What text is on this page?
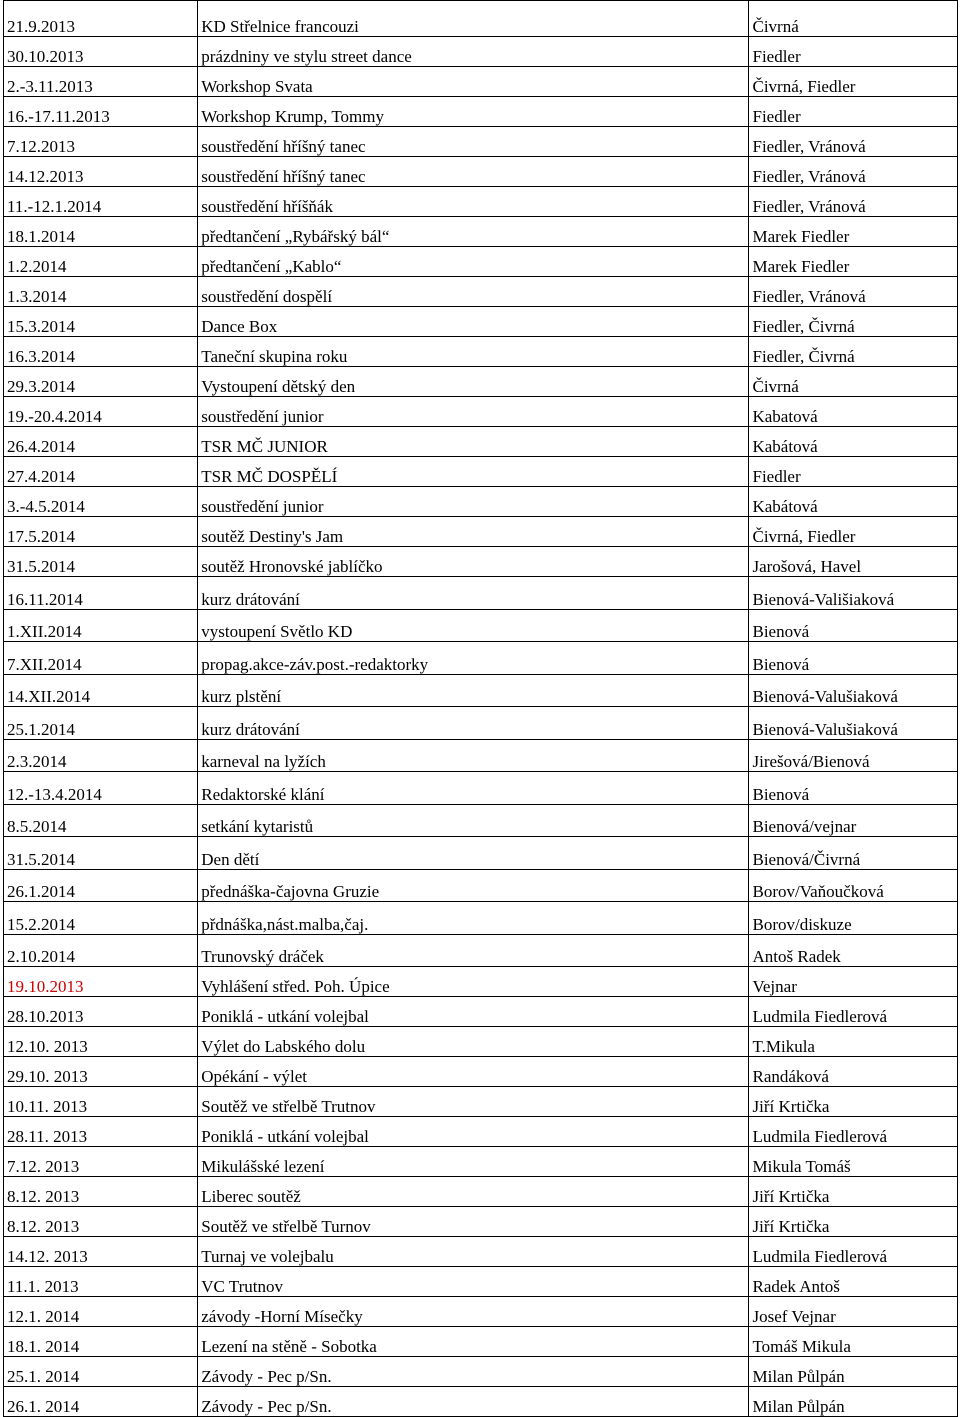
21.9.2013	KD Střelnice francouzi	Čivrná
30.10.2013	prázdniny ve stylu street dance	Fiedler
2.-3.11.2013	Workshop Svata	Čivrná, Fiedler
16.-17.11.2013	Workshop Krump, Tommy	Fiedler
7.12.2013	soustředění hříšný tanec	Fiedler, Vránová
14.12.2013	soustředění hříšný tanec	Fiedler, Vránová
11.-12.1.2014	soustředění hříšňák	Fiedler, Vránová
18.1.2014	předtančení „Rybářský bál“	Marek Fiedler
1.2.2014	předtančení „Kablo“	Marek Fiedler
1.3.2014	soustředění dospělí	Fiedler, Vránová
15.3.2014	Dance Box	Fiedler, Čivrná
16.3.2014	Taneční skupina roku	Fiedler, Čivrná
29.3.2014	Vystoupení dětský den	Čivrná
19.-20.4.2014	soustředění junior	Kabatová
26.4.2014	TSR MČ JUNIOR	Kabátová
27.4.2014	TSR MČ DOSPĚLÍ	Fiedler
3.-4.5.2014	soustředění junior	Kabátová
17.5.2014	soutěž Destiny's Jam	Čivrná, Fiedler
31.5.2014	soutěž Hronovské jablíčko	Jarošová, Havel
16.11.2014	kurz drátování	Bienová-Vališiaková
1.XII.2014	vystoupení Světlo KD	Bienová
7.XII.2014	propag.akce-záv.post.-redaktorky	Bienová
14.XII.2014	kurz plstění	Bienová-Valušiaková
25.1.2014	kurz drátování	Bienová-Valušiaková
2.3.2014	karneval na lyžích	Jirešová/Bienová
12.-13.4.2014	Redaktorské klání	Bienová
8.5.2014	setkání kytaristů	Bienová/vejnar
31.5.2014	Den dětí	Bienová/Čivrná
26.1.2014	přednáška-čajovna Gruzie	Borov/Vaňoučková
15.2.2014	přdnáška,nást.malba,čaj.	Borov/diskuze
2.10.2014	Trunovský dráček	Antoš Radek
19.10.2013	Vyhlášení střed. Poh. Úpice	Vejnar
28.10.2013	Poniklá - utkání volejbal	Ludmila Fiedlerová
12.10. 2013	Výlet do Labského dolu	T.Mikula
29.10. 2013	Opékání - výlet	Randáková
10.11. 2013	Soutěž ve střelbě Trutnov	Jiří Krtička
28.11. 2013	Poniklá - utkání volejbal	Ludmila Fiedlerová
7.12. 2013	Mikulášské lezení	Mikula Tomáš
8.12. 2013	Liberec soutěž	Jiří Krtička
8.12. 2013	Soutěž ve střelbě Turnov	Jiří Krtička
14.12. 2013	Turnaj ve volejbalu	Ludmila Fiedlerová
11.1. 2013	VC Trutnov	Radek Antoš
12.1. 2014	závody -Horní Mísečky	Josef Vejnar
18.1. 2014	Lezení na stěně - Sobotka	Tomáš Mikula
25.1. 2014	Závody - Pec p/Sn.	Milan Půlpán
26.1. 2014	Závody - Pec p/Sn.	Milan Půlpán
